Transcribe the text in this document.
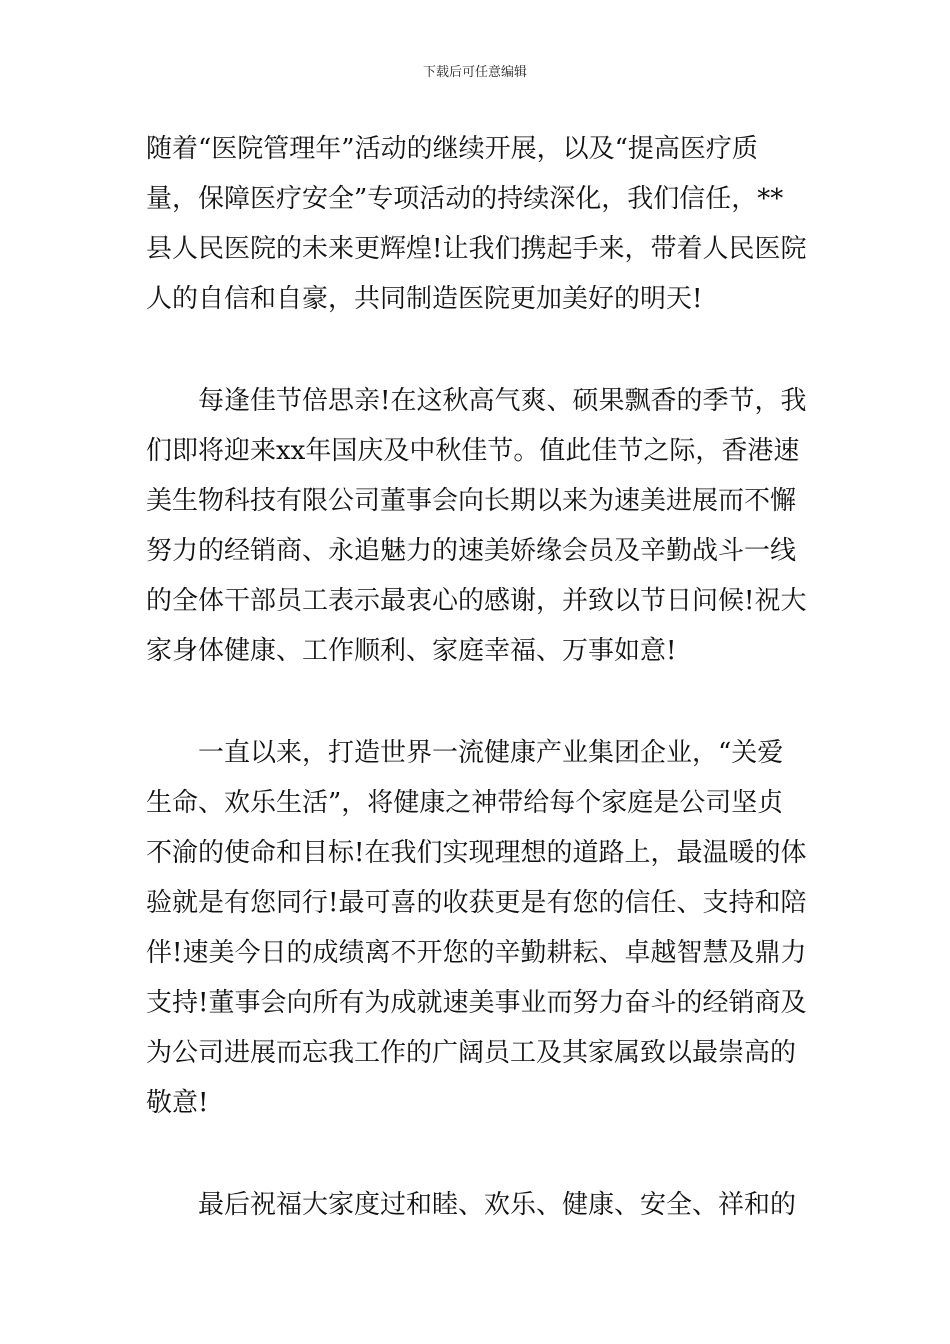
下载后可任意编辑
随着“医院管理年”活动的继续开展，以及“提高医疗质
量，保障医疗安全”专项活动的持续深化，我们信任，**
县人民医院的未来更辉煌!让我们携起手来，带着人民医院
人的自信和自豪，共同制造医院更加美好的明天!
　　每逢佳节倍思亲!在这秋高气爽、硕果飘香的季节，我
们即将迎来xx年国庆及中秋佳节。值此佳节之际，香港速
美生物科技有限公司董事会向长期以来为速美进展而不懈
努力的经销商、永追魅力的速美娇缘会员及辛勤战斗一线
的全体干部员工表示最衷心的感谢，并致以节日问候!祝大
家身体健康、工作顺利、家庭幸福、万事如意!
　　一直以来，打造世界一流健康产业集团企业，“关爱
生命、欢乐生活”，将健康之神带给每个家庭是公司坚贞
不渝的使命和目标!在我们实现理想的道路上，最温暖的体
验就是有您同行!最可喜的收获更是有您的信任、支持和陪
伴!速美今日的成绩离不开您的辛勤耕耘、卓越智慧及鼎力
支持!董事会向所有为成就速美事业而努力奋斗的经销商及
为公司进展而忘我工作的广阔员工及其家属致以最崇高的
敬意!
　　最后祝福大家度过和睦、欢乐、健康、安全、祥和的
